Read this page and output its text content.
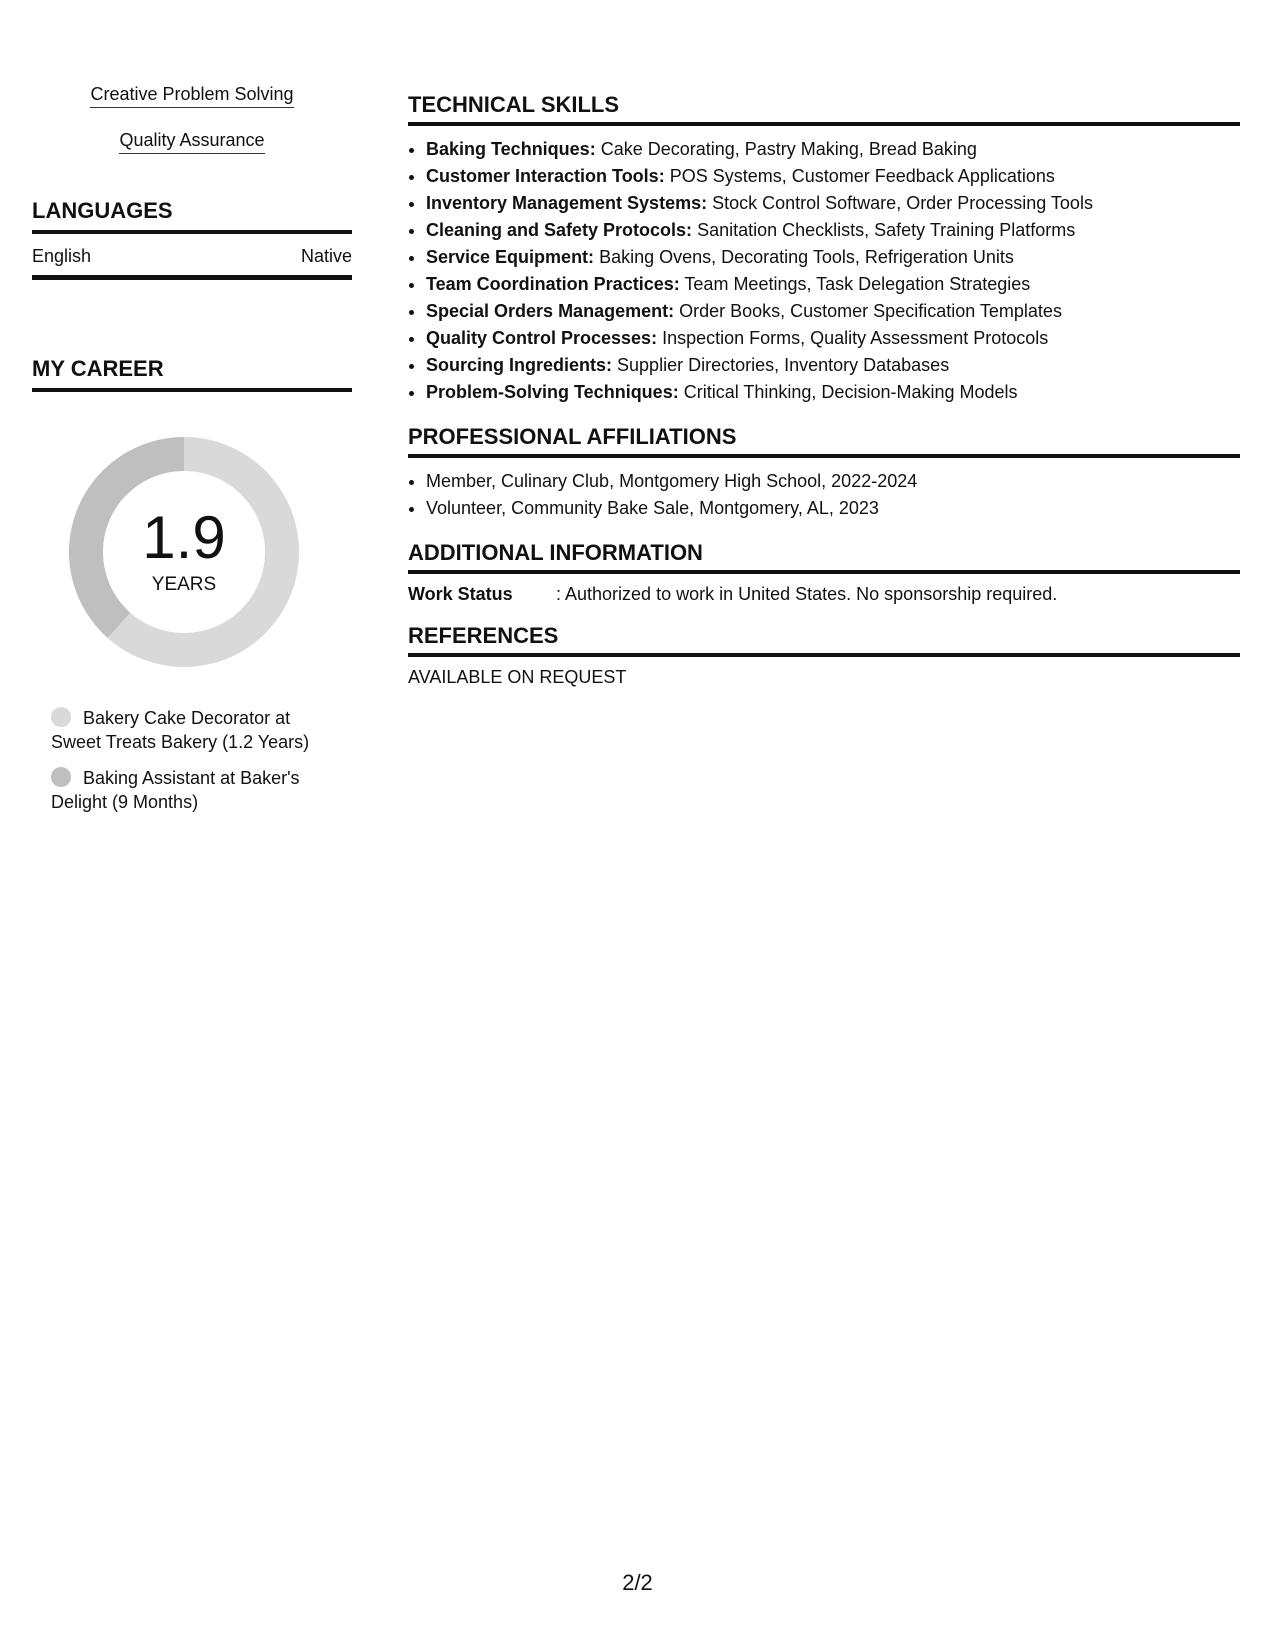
Creative Problem Solving
Quality Assurance
LANGUAGES
English	Native
MY CAREER
1.9
YEARS
Bakery Cake Decorator at Sweet Treats Bakery (1.2 Years)
Baking Assistant at Baker's Delight (9 Months)
TECHNICAL SKILLS
• Baking Techniques: Cake Decorating, Pastry Making, Bread Baking
• Customer Interaction Tools: POS Systems, Customer Feedback Applications
• Inventory Management Systems: Stock Control Software, Order Processing Tools
• Cleaning and Safety Protocols: Sanitation Checklists, Safety Training Platforms
• Service Equipment: Baking Ovens, Decorating Tools, Refrigeration Units
• Team Coordination Practices: Team Meetings, Task Delegation Strategies
• Special Orders Management: Order Books, Customer Specification Templates
• Quality Control Processes: Inspection Forms, Quality Assessment Protocols
• Sourcing Ingredients: Supplier Directories, Inventory Databases
• Problem-Solving Techniques: Critical Thinking, Decision-Making Models
PROFESSIONAL AFFILIATIONS
• Member, Culinary Club, Montgomery High School, 2022-2024
• Volunteer, Community Bake Sale, Montgomery, AL, 2023
ADDITIONAL INFORMATION
Work Status : Authorized to work in United States. No sponsorship required.
REFERENCES
AVAILABLE ON REQUEST
2/2
